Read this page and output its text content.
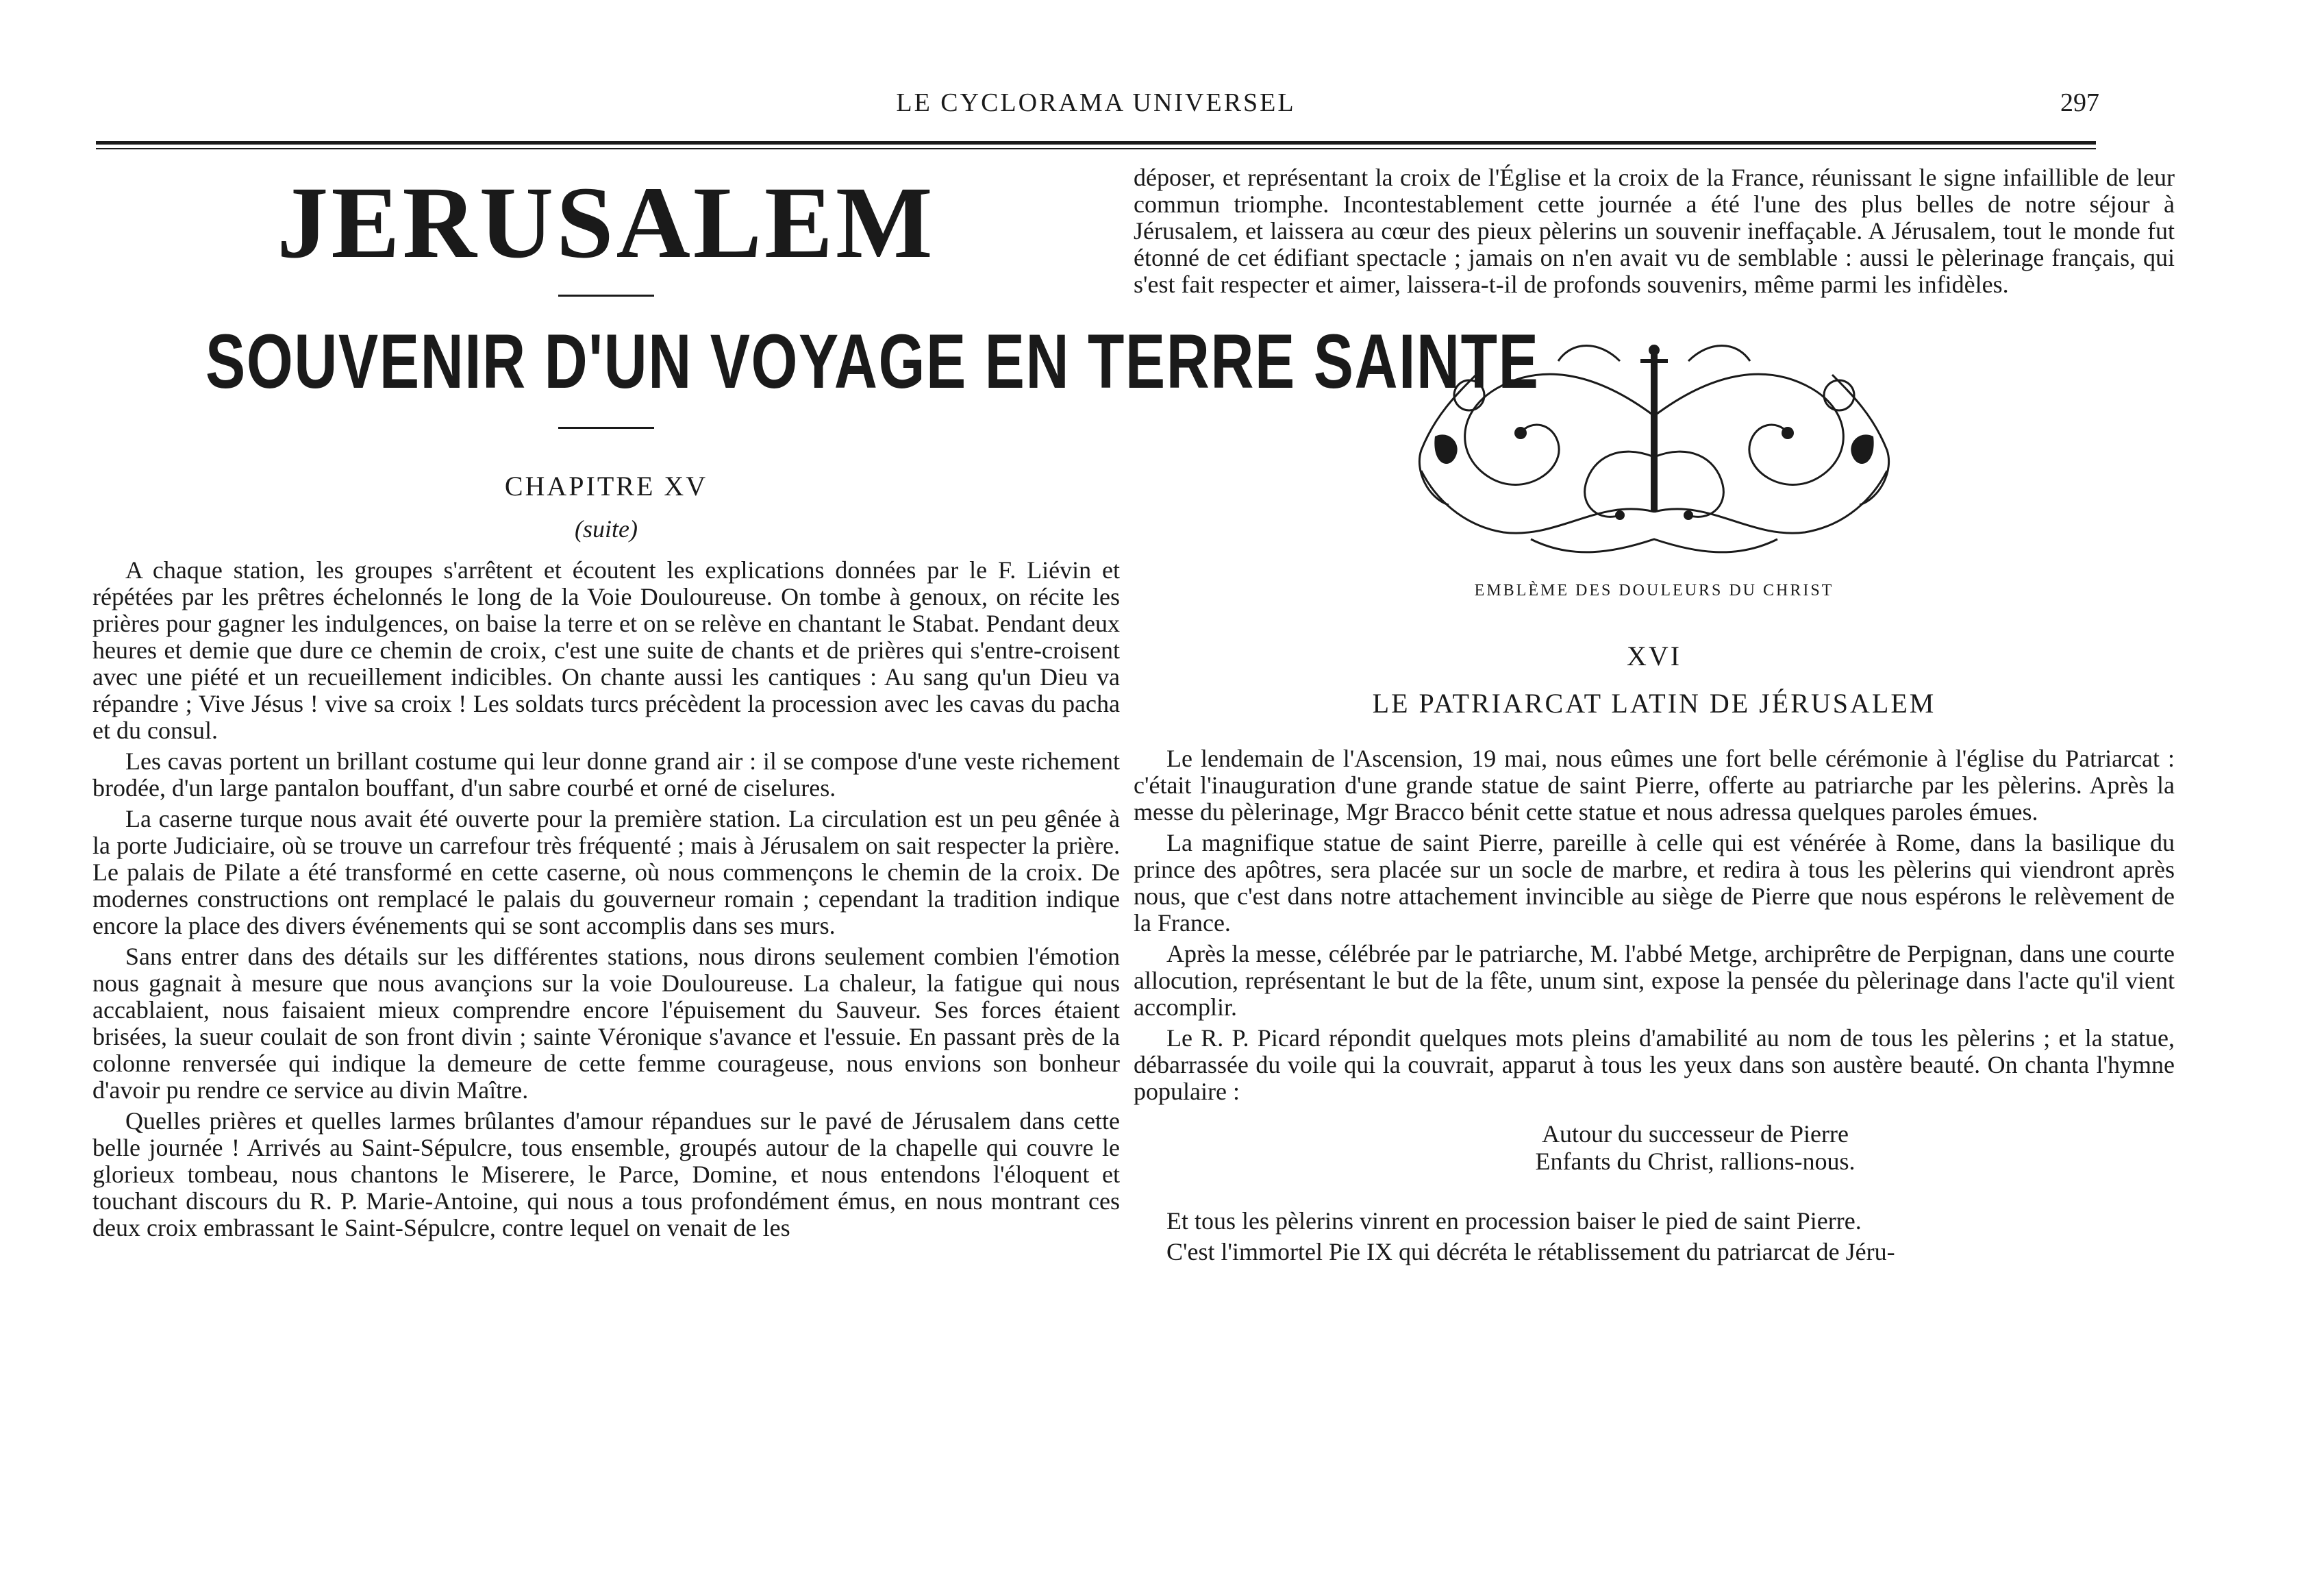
LE CYCLORAMA UNIVERSEL	297
JERUSALEM
SOUVENIR D'UN VOYAGE EN TERRE SAINTE
CHAPITRE XV
(suite)

A chaque station, les groupes s'arrêtent et écoutent les explications données par le F. Liévin et répétées par les prêtres échelonnés le long de la Voie Douloureuse. On tombe à genoux, on récite les prières pour gagner les indulgences, on baise la terre et on se relève en chantant le Stabat. Pendant deux heures et demie que dure ce chemin de croix, c'est une suite de chants et de prières qui s'entre-croisent avec une piété et un recueillement indicibles. On chante aussi les cantiques : Au sang qu'un Dieu va répandre ; Vive Jésus ! vive sa croix ! Les soldats turcs précèdent la procession avec les cavas du pacha et du consul.

Les cavas portent un brillant costume qui leur donne grand air : il se compose d'une veste richement brodée, d'un large pantalon bouffant, d'un sabre courbé et orné de ciselures.

La caserne turque nous avait été ouverte pour la première station. La circulation est un peu gênée à la porte Judiciaire, où se trouve un carrefour très fréquenté ; mais à Jérusalem on sait respecter la prière. Le palais de Pilate a été transformé en cette caserne, où nous commençons le chemin de la croix. De modernes constructions ont remplacé le palais du gouverneur romain ; cependant la tradition indique encore la place des divers événements qui se sont accomplis dans ses murs.

Sans entrer dans des détails sur les différentes stations, nous dirons seulement combien l'émotion nous gagnait à mesure que nous avançions sur la voie Douloureuse. La chaleur, la fatigue qui nous accablaient, nous faisaient mieux comprendre encore l'épuisement du Sauveur. Ses forces étaient brisées, la sueur coulait de son front divin ; sainte Véronique s'avance et l'essuie. En passant près de la colonne renversée qui indique la demeure de cette femme courageuse, nous envions son bonheur d'avoir pu rendre ce service au divin Maître.

Quelles prières et quelles larmes brûlantes d'amour répandues sur le pavé de Jérusalem dans cette belle journée ! Arrivés au Saint-Sépulcre, tous ensemble, groupés autour de la chapelle qui couvre le glorieux tombeau, nous chantons le Miserere, le Parce, Domine, et nous entendons l'éloquent et touchant discours du R. P. Marie-Antoine, qui nous a tous profondément émus, en nous montrant ces deux croix embrassant le Saint-Sépulcre, contre lequel on venait de les

déposer, et représentant la croix de l'Église et la croix de la France, réunissant le signe infaillible de leur commun triomphe. Incontestablement cette journée a été l'une des plus belles de notre séjour à Jérusalem, et laissera au cœur des pieux pèlerins un souvenir ineffaçable. A Jérusalem, tout le monde fut étonné de cet édifiant spectacle ; jamais on n'en avait vu de semblable : aussi le pèlerinage français, qui s'est fait respecter et aimer, laissera-t-il de profonds souvenirs, même parmi les infidèles.

EMBLÈME DES DOULEURS DU CHRIST
XVI
LE PATRIARCAT LATIN DE JÉRUSALEM

Le lendemain de l'Ascension, 19 mai, nous eûmes une fort belle cérémonie à l'église du Patriarcat : c'était l'inauguration d'une grande statue de saint Pierre, offerte au patriarche par les pèlerins. Après la messe du pèlerinage, Mgr Bracco bénit cette statue et nous adressa quelques paroles émues.

La magnifique statue de saint Pierre, pareille à celle qui est vénérée à Rome, dans la basilique du prince des apôtres, sera placée sur un socle de marbre, et redira à tous les pèlerins qui viendront après nous, que c'est dans notre attachement invincible au siège de Pierre que nous espérons le relèvement de la France.

Après la messe, célébrée par le patriarche, M. l'abbé Metge, archiprêtre de Perpignan, dans une courte allocution, représentant le but de la fête, unum sint, expose la pensée du pèlerinage dans l'acte qu'il vient accomplir.

Le R. P. Picard répondit quelques mots pleins d'amabilité au nom de tous les pèlerins ; et la statue, débarrassée du voile qui la couvrait, apparut à tous les yeux dans son austère beauté. On chanta l'hymne populaire :

Autour du successeur de Pierre
Enfants du Christ, rallions-nous.

Et tous les pèlerins vinrent en procession baiser le pied de saint Pierre.

C'est l'immortel Pie IX qui décréta le rétablissement du patriarcat de Jéru-
